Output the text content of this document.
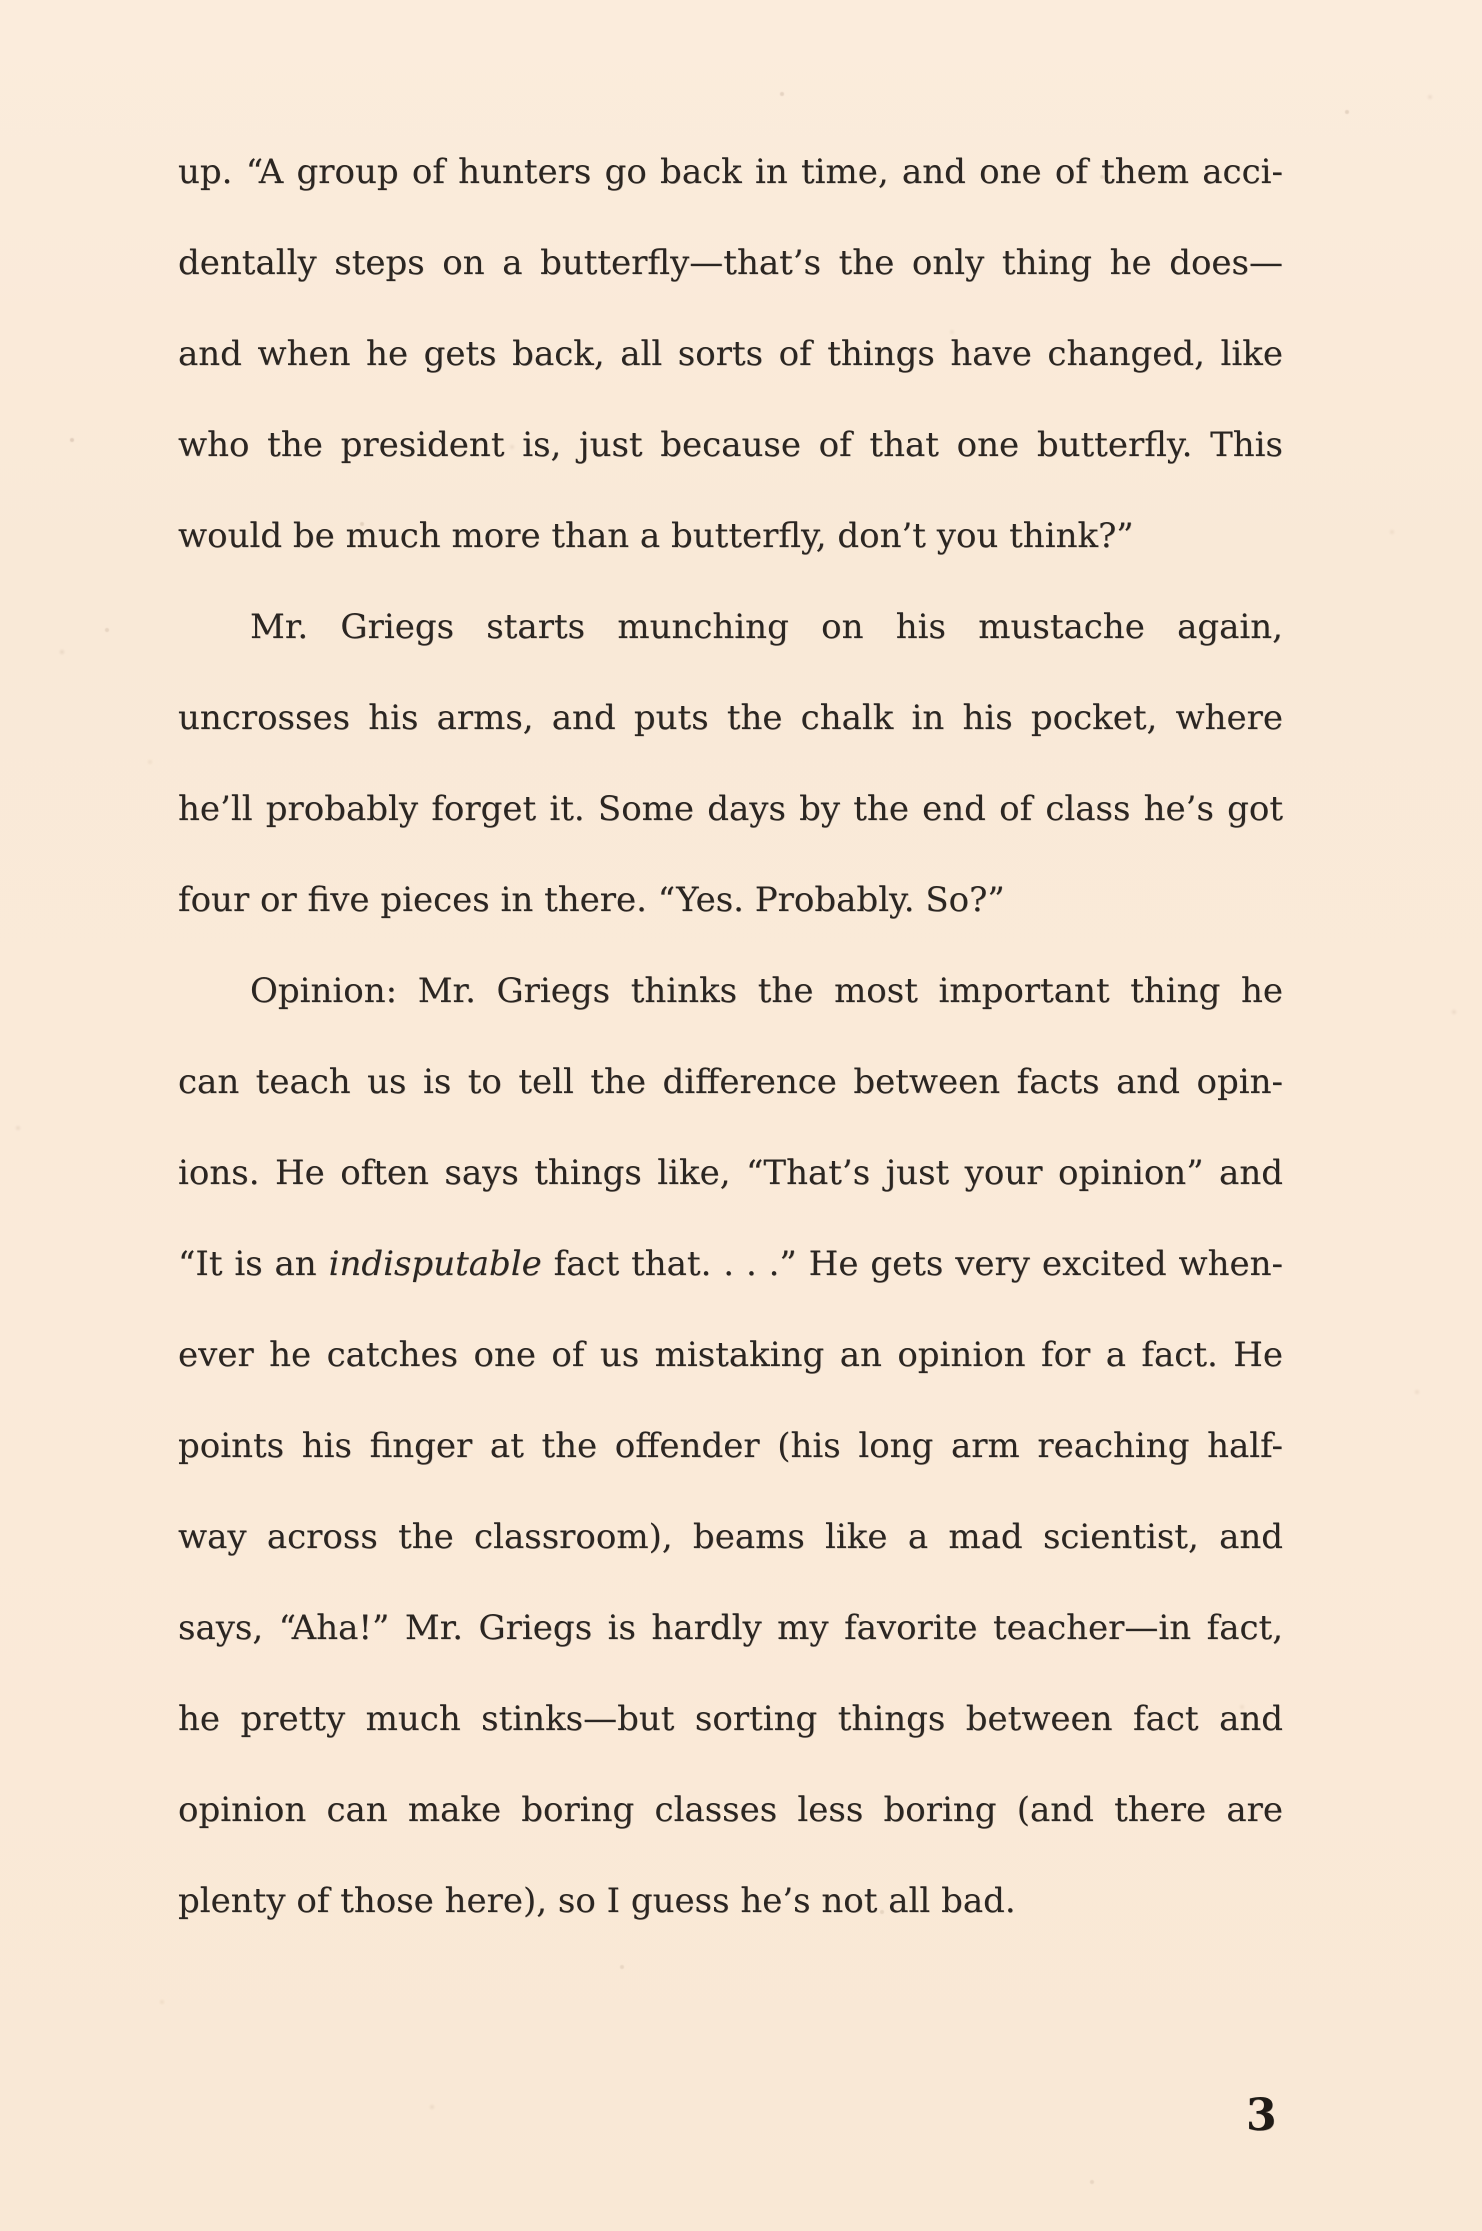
up. “A group of hunters go back in time, and one of them acci-
dentally steps on a butterfly—that’s the only thing he does—
and when he gets back, all sorts of things have changed, like
who the president is, just because of that one butterfly. This
would be much more than a butterfly, don’t you think?”
Mr. Griegs starts munching on his mustache again,
uncrosses his arms, and puts the chalk in his pocket, where
he’ll probably forget it. Some days by the end of class he’s got
four or five pieces in there. “Yes. Probably. So?”
Opinion: Mr. Griegs thinks the most important thing he
can teach us is to tell the difference between facts and opin-
ions. He often says things like, “That’s just your opinion” and
“It is an indisputable fact that. . . .” He gets very excited when-
ever he catches one of us mistaking an opinion for a fact. He
points his finger at the offender (his long arm reaching half-
way across the classroom), beams like a mad scientist, and
says, “Aha!” Mr. Griegs is hardly my favorite teacher—in fact,
he pretty much stinks—but sorting things between fact and
opinion can make boring classes less boring (and there are
plenty of those here), so I guess he’s not all bad.
3
